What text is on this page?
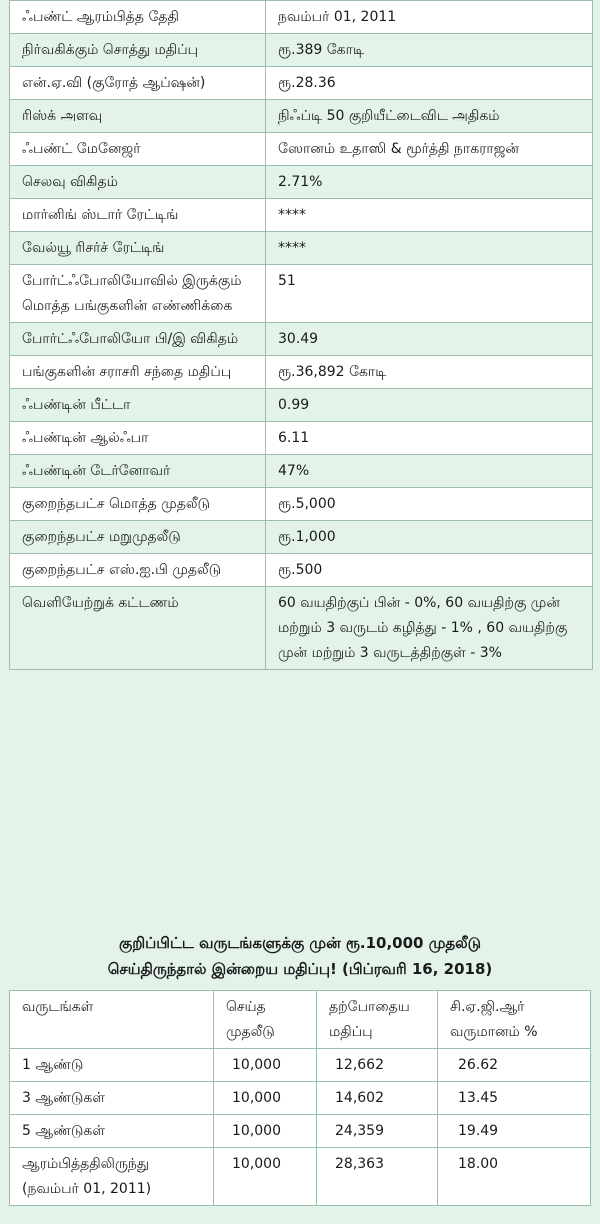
ஃபண்ட் ஆரம்பித்த தேதி	நவம்பர் 01, 2011
நிர்வகிக்கும் சொத்து மதிப்பு	ரூ.389 கோடி
என்.ஏ.வி (குரோத் ஆப்ஷன்)	ரூ.28.36
ரிஸ்க் அளவு	நிஃப்டி 50 குறியீட்டைவிட அதிகம்
ஃபண்ட் மேனேஜர்	ஸோனம் உதாஸி & மூர்த்தி நாகராஜன்
செலவு விகிதம்	2.71%
மார்னிங் ஸ்டார் ரேட்டிங்	****
வேல்யூ ரிசர்ச் ரேட்டிங்	****
போர்ட்ஃபோலியோவில் இருக்கும் மொத்த பங்குகளின் எண்ணிக்கை	51
போர்ட்ஃபோலியோ பி/இ விகிதம்	30.49
பங்குகளின் சராசரி சந்தை மதிப்பு	ரூ.36,892 கோடி
ஃபண்டின் பீட்டா	0.99
ஃபண்டின் ஆல்ஃபா	6.11
ஃபண்டின் டேர்னோவர்	47%
குறைந்தபட்ச மொத்த முதலீடு	ரூ.5,000
குறைந்தபட்ச மறுமுதலீடு	ரூ.1,000
குறைந்தபட்ச எஸ்.ஐ.பி முதலீடு	ரூ.500
வெளியேற்றுக் கட்டணம்	60 வயதிற்குப் பின் - 0%, 60 வயதிற்கு முன் மற்றும் 3 வருடம் கழித்து - 1% , 60 வயதிற்கு முன் மற்றும் 3 வருடத்திற்குள் - 3%
குறிப்பிட்ட வருடங்களுக்கு முன் ரூ.10,000 முதலீடு
செய்திருந்தால் இன்றைய மதிப்பு! (பிப்ரவரி 16, 2018)
வருடங்கள்	செய்த முதலீடு	தற்போதைய மதிப்பு	சி.ஏ.ஜி.ஆர் வருமானம் %
1 ஆண்டு	10,000	12,662	26.62
3 ஆண்டுகள்	10,000	14,602	13.45
5 ஆண்டுகள்	10,000	24,359	19.49
ஆரம்பித்ததிலிருந்து (நவம்பர் 01, 2011)	10,000	28,363	18.00
